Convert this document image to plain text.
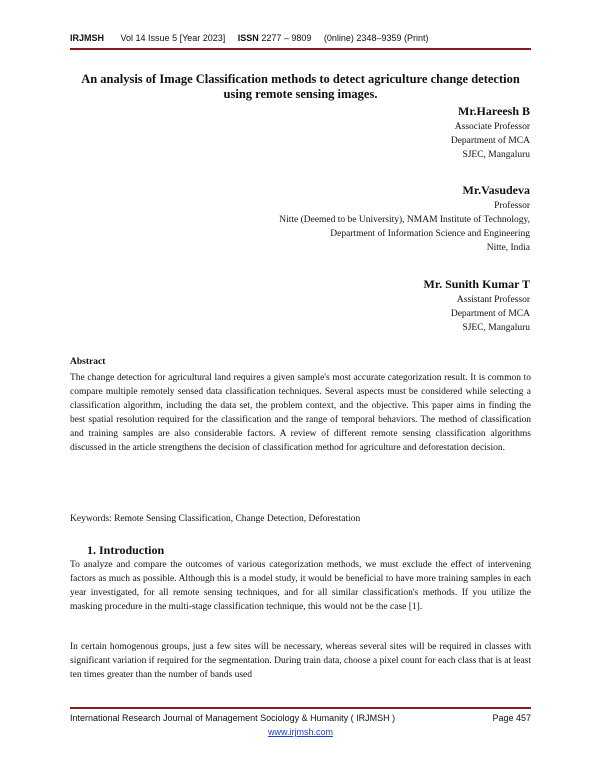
IRJMSH Vol 14 Issue 5 [Year 2023] ISSN 2277 – 9809 (0nline) 2348–9359 (Print)
An analysis of Image Classification methods to detect agriculture change detection using remote sensing images.
Mr.Hareesh B
Associate Professor
Department of MCA
SJEC, Mangaluru
Mr.Vasudeva
Professor
Nitte (Deemed to be University), NMAM Institute of Technology,
Department of Information Science and Engineering
Nitte, India
Mr. Sunith Kumar T
Assistant Professor
Department of MCA
SJEC, Mangaluru
Abstract

The change detection for agricultural land requires a given sample's most accurate categorization result. It is common to compare multiple remotely sensed data classification techniques. Several aspects must be considered while selecting a classification algorithm, including the data set, the problem context, and the objective. This paper aims in finding the best spatial resolution required for the classification and the range of temporal behaviors. The method of classification and training samples are also considerable factors. A review of different remote sensing classification algorithms discussed in the article strengthens the decision of classification method for agriculture and deforestation decision.

Keywords: Remote Sensing Classification, Change Detection, Deforestation
1. Introduction

To analyze and compare the outcomes of various categorization methods, we must exclude the effect of intervening factors as much as possible. Although this is a model study, it would be beneficial to have more training samples in each year investigated, for all remote sensing techniques, and for all similar classification's methods. If you utilize the masking procedure in the multi-stage classification technique, this would not be the case [1].

In certain homogenous groups, just a few sites will be necessary, whereas several sites will be required in classes with significant variation if required for the segmentation. During train data, choose a pixel count for each class that is at least ten times greater than the number of bands used

International Research Journal of Management Sociology & Humanity ( IRJMSH )	Page 457
www.irjmsh.com
